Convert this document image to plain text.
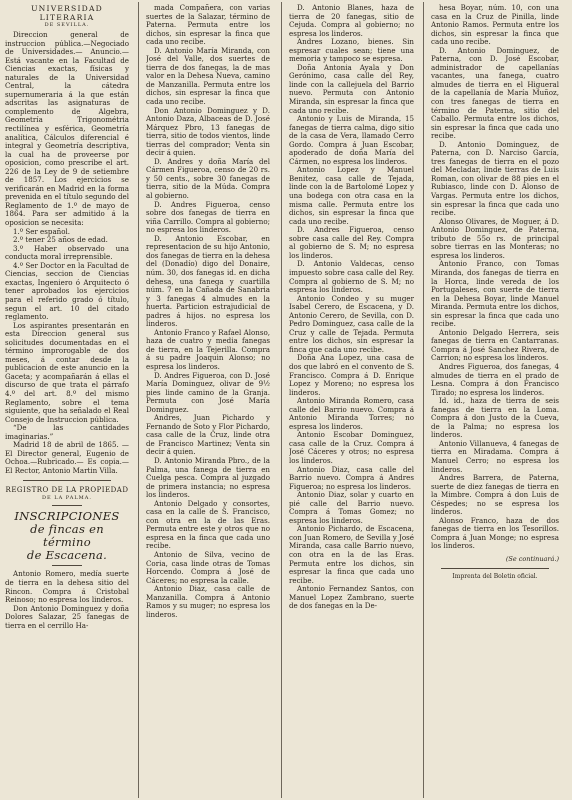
UNIVERSIDAD LITERARIA
DE SEVILLA.

Direccion general de instruccion pública.—Negociado de Universidades.— Anuncio.— Está vacante en la Facultad de Ciencias exactas, físicas y naturales de la Universidad Central, la cátedra supernumeraria á la que están adscritas las asignaturas de complemento de Algebra, Geometría Trigonométria rectilínea y esférica, Geometría analítica, Cálculos diferencial é integral y Geometría descriptiva, la cual ha de proveerse por oposicion, como prescribe el art. 226 de la Ley de 9 de setiembre de 1857. Los ejercicios se verificarán en Madrid en la forma prevenida en el título segundo del Reglamento de 1.º de mayo de 1864. Para ser admitido á la oposicion se necesita:

1.º Ser español.

2.º tener 25 años de edad.

3.º Haber observado una conducta moral irreprensible.

4.º Ser Doctor en la Facultad de Ciencias, seccion de Ciencias exactas, Ingeniero ó Arquitecto ó tener aprobados los ejercicios para el referido grado ó título, segun el art. 10 del citado reglamento.

Los aspirantes presentarán en esta Direccion general sus solicitudes documentadas en el término improrogable de dos meses, á contar desde la publicacion de este anuncio en la Gaceta; y acompañarán á ellas el discurso de que trata el párrafo 4.º del art. 8.º del mismo Reglamento, sobre el tema siguiente, que ha señalado el Real Consejo de Instruccion pública.

“De las cantidades imaginarias.”

Madrid 18 de abril de 1865. —El Director general, Eugenio de Ochoa.—Rubricado.— Es copia.—El Rector, Antonio Martin Villa.

REGISTRO DE LA PROPIEDAD
DE LA PALMA.
INSCRIPCIONES
de fincas en término
de Escacena.

Antonio Romero, medía suerte de tierra en la dehesa sitio del Rincon. Compra á Cristobal Reinoso; no espresa los linderos.

Don Antonio Dominguez y doña Dolores Salazar, 25 fanegas de tierra en el cerrillo Ha-

mada Compañera, con varias suertes de la Salazar, término de Paterna. Permuta entre los dichos, sin espresar la finca que cada uno recibe.

D. Antonio María Miranda, con José del Valle, dos suertes de tierra de dos fanegas, la de mas valor en la Dehesa Nueva, camino de Manzanilla. Permuta entre los dichos, sin espresar la finca que cada uno recibe.

Don Antonio Dominguez y D. Antonio Daza, Albaceas de D. José Márquez Pbro, 13 fanegas de tierra, sitio de todos vientos, linde tierras del comprador; Venta sin decir á quien.

D. Andres y doña María del Cármen Figueroa, censo de 20 rs. y 50 cents., sobre 30 fanegas de tierra, sitio de la Múda. Compra al gobierno.

D. Andres Figueroa, censo sobre dos fanegas de tierra en viña Carrillo. Compra al gobierno; no espresa los linderos.

D. Antonio Escobar, en representacion de su hijo Antonio, dos fanegas de tierra en la dehesa del (Donadío) digo del Donaire, núm. 30, dos fanegas id. en dicha dehesa, una fanega y cuartilla núm. 7 en la Cañada de Sanabria y 3 fanegas 4 almudes en la huerta. Particion estrajudicial de padres á hijos. no espresa los linderos.

Antonio Franco y Rafael Alonso, haza de cuatro y media fanegas de tierra, en la Tejerilla. Compra á su padre Joaquin Alonso; no espresa los linderos.

D. Andres Figueroa, con D. José María Dominguez, olivar de 9½ pies linde camino de la Granja. Permuta con José María Dominguez.

Andres, Juan Pichardo y Fernando de Soto y Flor Pichardo, casa calle de la Cruz, linde otra de Francisco Martinez; Venta sin decir á quien.

D. Antonio Miranda Pbro., de la Palma, una fanega de tierra en Cuelga pesca. Compra al juzgado de primera instancia; no espresa los linderos.

Antonio Delgado y consortes, casa en la calle de S. Francisco, con otra en la de las Eras. Permuta entre este y otros que no espresa en la finca que cada uno recibe.

Antonio de Silva, vecino de Coria, casa linde otras de Tomas Horcendo. Compra á José de Cáceres; no espresa la calle.

Antonio Diaz, casa calle de Manzanilla. Compra á Antonio Ramos y su muger; no espresa los linderos.

D. Antonio Blanes, haza de tierra de 20 fanegas, sitio de Cejuda. Compra al gobierno; no espresa los linderos.

Andres Lozano, bienes. Sin espresar cuales sean; tiene una memoria y tampoco se espresa.

Doña Antonia Ayala y Don Gerónimo, casa calle del Rey, linde con la callejuela del Barrio nuevo. Permuta con Antonio Miranda, sin espresar la finca que cada uno recibe.

Antonio y Luis de Miranda, 15 fanegas de tierra calma, digo sitio de la casa de Vera, llamado Cerro Gordo. Compra á Juan Escobar, apoderado de doña María del Cármen, no espresa los linderos.

Antonio Lopez y Manuel Benitez, casa calle de Tejada, linde con la de Bartolomé Lopez y una bodega con otra casa en la misma calle. Permuta entre los dichos, sin espresar la finca que cada uno recibe.

D. Andres Figueroa, censo sobre casa calle del Rey. Compra al gobierno de S. M; no espresa los linderos.

D. Antonio Valdecas, censo impuesto sobre casa calle del Rey. Compra al gobierno de S. M; no espresa los linderos.

Antonio Condeo y su muger Isabel Cerero, de Escacena, y D. Antonio Cerero, de Sevilla, con D. Pedro Dominguez, casa calle de la Cruz y calle de Tejada. Permuta entre los dichos, sin espresar la finca que cada uno recibe.

Doña Ana Lopez, una casa de dos que labró en el convento de S. Francisco. Compra á D. Enrique Lopez y Moreno; no espresa los linderos.

Antonio Miranda Romero, casa calle del Barrio nuevo. Compra á Antonio Miranda Torres; no espresa los linderos.

Antonio Escobar Dominguez, casa calle de la Cruz. Compra á José Cáceres y otros; no espresa los linderos.

Antonio Diaz, casa calle del Barrio nuevo. Compra á Andres Figueroa; no espresa los linderos.

Antonio Diaz, solar y cuarto en pié calle del Barrio nuevo. Compra á Tomas Gomez; no espresa los linderos.

Antonio Pichardo, de Escacena, con Juan Romero, de Sevilla y José Miranda, casa calle Barrio nuevo, con otra en la de las Eras. Permuta entre los dichos, sin espresar la finca que cada uno recibe.

Antonio Fernandez Santos, con Manuel Lopez Zambrano, suerte de dos fanegas en la De-

hesa Boyar, núm. 10, con una casa en la Cruz de Pinilla, linde Antonio Ramos. Permuta entre los dichos, sin espresar la finca que cada uno recibe.

D. Antonio Dominguez, de Paterna, con D. José Escobar, administrador de capellanías vacantes, una fanega, cuatro almudes de tierra en el Higueral de la capellanía de María Muñoz, con tres fanegas de tierra en término de Paterna, sitio del Caballo. Permuta entre los dichos, sin espresar la finca que cada uno recibe.

D. Antonio Dominguez, de Paterna, con D. Narciso García, tres fanegas de tierra en el pozo del Mecladar, linde tierras de Luis Roman, con olivar de 88 pies en el Rubiasco, linde con D. Alonso de Vargas. Permuta entre los dichos, sin espresar la finca que cada uno recibe.

Alonso Olivares, de Moguer, á D. Antonio Dominguez, de Paterna, tributo de 55o rs. de principal sobre tierras en las Monteras; no espresa los linderos.

Antonio Franco, con Tomas Miranda, dos fanegas de tierra en la Horca, linde vereda de los Portugaleses, con suerte de tierra en la Dehesa Boyar, linde Manuel Miranda. Permuta entre los dichos, sin espresar la finca que cada uno recibe.

Antonio Delgado Herrera, seis fanegas de tierra en Cantarranas. Compra á José Sanchez Rivera, de Carrion; no espresa los linderos.

Andres Figueroa, dos fanegas, 4 almudes de tierra en el prado de Lesna. Compra á don Francisco Tirado; no espresa los linderos.

Id. id., haza de tierra de seis fanegas de tierra en la Loma. Compra á don Justo de la Cueva, de la Palma; no espresa los linderos.

Antonio Villanueva, 4 fanegas de tierra en Miradama. Compra á Manuel Cerro; no espresa los linderos.

Andres Barrera, de Paterna, suerte de diez fanegas de tierra en la Mimbre. Compra á don Luis de Céspedes; no se espresa los linderos.

Alonso Franco, haza de dos fanegas de tierra en los Tesorillos. Compra á Juan Monge; no espresa los linderos.

(Se continuará.)
Imprenta del Boletin oficial.
